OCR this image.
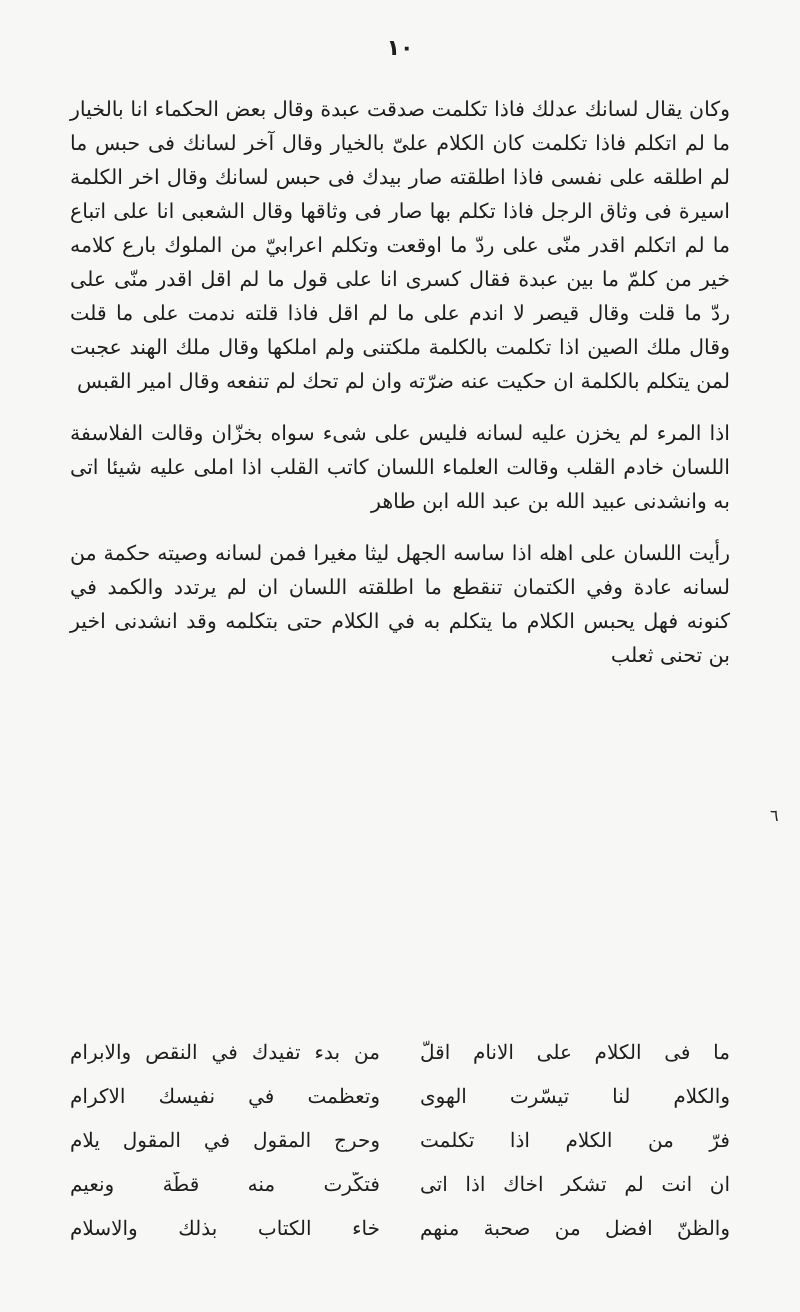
١٠
٦

وكان يقال لسانك عدلك فاذا تكلمت صدقت عبدة وقال بعض الحكماء انا بالخيار ما لم اتكلم فاذا تكلمت كان الكلام علىّ بالخيار وقال آخر لسانك فى حبس ما لم اطلقه على نفسى فاذا اطلقته صار بيدك فى حبس لسانك وقال اخر الكلمة اسيرة فى وثاق الرجل فاذا تكلم بها صار فى وثاقها وقال الشعبى انا على اتباع ما لم اتكلم اقدر منّى على ردّ ما اوقعت وتكلم اعرابيّ من الملوك بارع كلامه خير من كلمّ ما بين عبدة فقال كسرى انا على قول ما لم اقل اقدر منّى على ردّ ما قلت وقال قيصر لا اندم على ما لم اقل فاذا قلته ندمت على ما قلت وقال ملك الصين اذا تكلمت بالكلمة ملكتنى ولم املكها وقال ملك الهند عجبت لمن يتكلم بالكلمة ان حكيت عنه ضرّته وان لم تحك لم تنفعه وقال امير القبس

اذا المرء لم يخزن عليه لسانه فليس على شىء سواه بخزّان وقالت الفلاسفة اللسان خادم القلب وقالت العلماء اللسان كاتب القلب اذا املى عليه شيئا اتى به وانشدنى عبيد الله بن عبد الله ابن طاهر

رأيت اللسان على اهله اذا ساسه الجهل ليثا مغيرا فمن لسانه وصيته حكمة من لسانه عادة وفي الكتمان تنقطع ما اطلقته اللسان ان لم يرتدد والكمد في كنونه فهل يحبس الكلام ما يتكلم به في الكلام حتى بتكلمه وقد انشدنى اخير بن تحنى ثعلب

ما فى الكلام على الانام اقلّ
من بدء تفيدك في النقص والابرام
والكلام لنا تيسّرت الهوى
وتعظمت في نفيسك الاكرام
فرّ من الكلام اذا تكلمت
وحرج المقول في المقول يلام
ان انت لم تشكر اخاك اذا اتى
فتكّرت منه قطّة ونعيم
والظنّ افضل من صحبة منهم
خاء الكتاب بذلك والاسلام
